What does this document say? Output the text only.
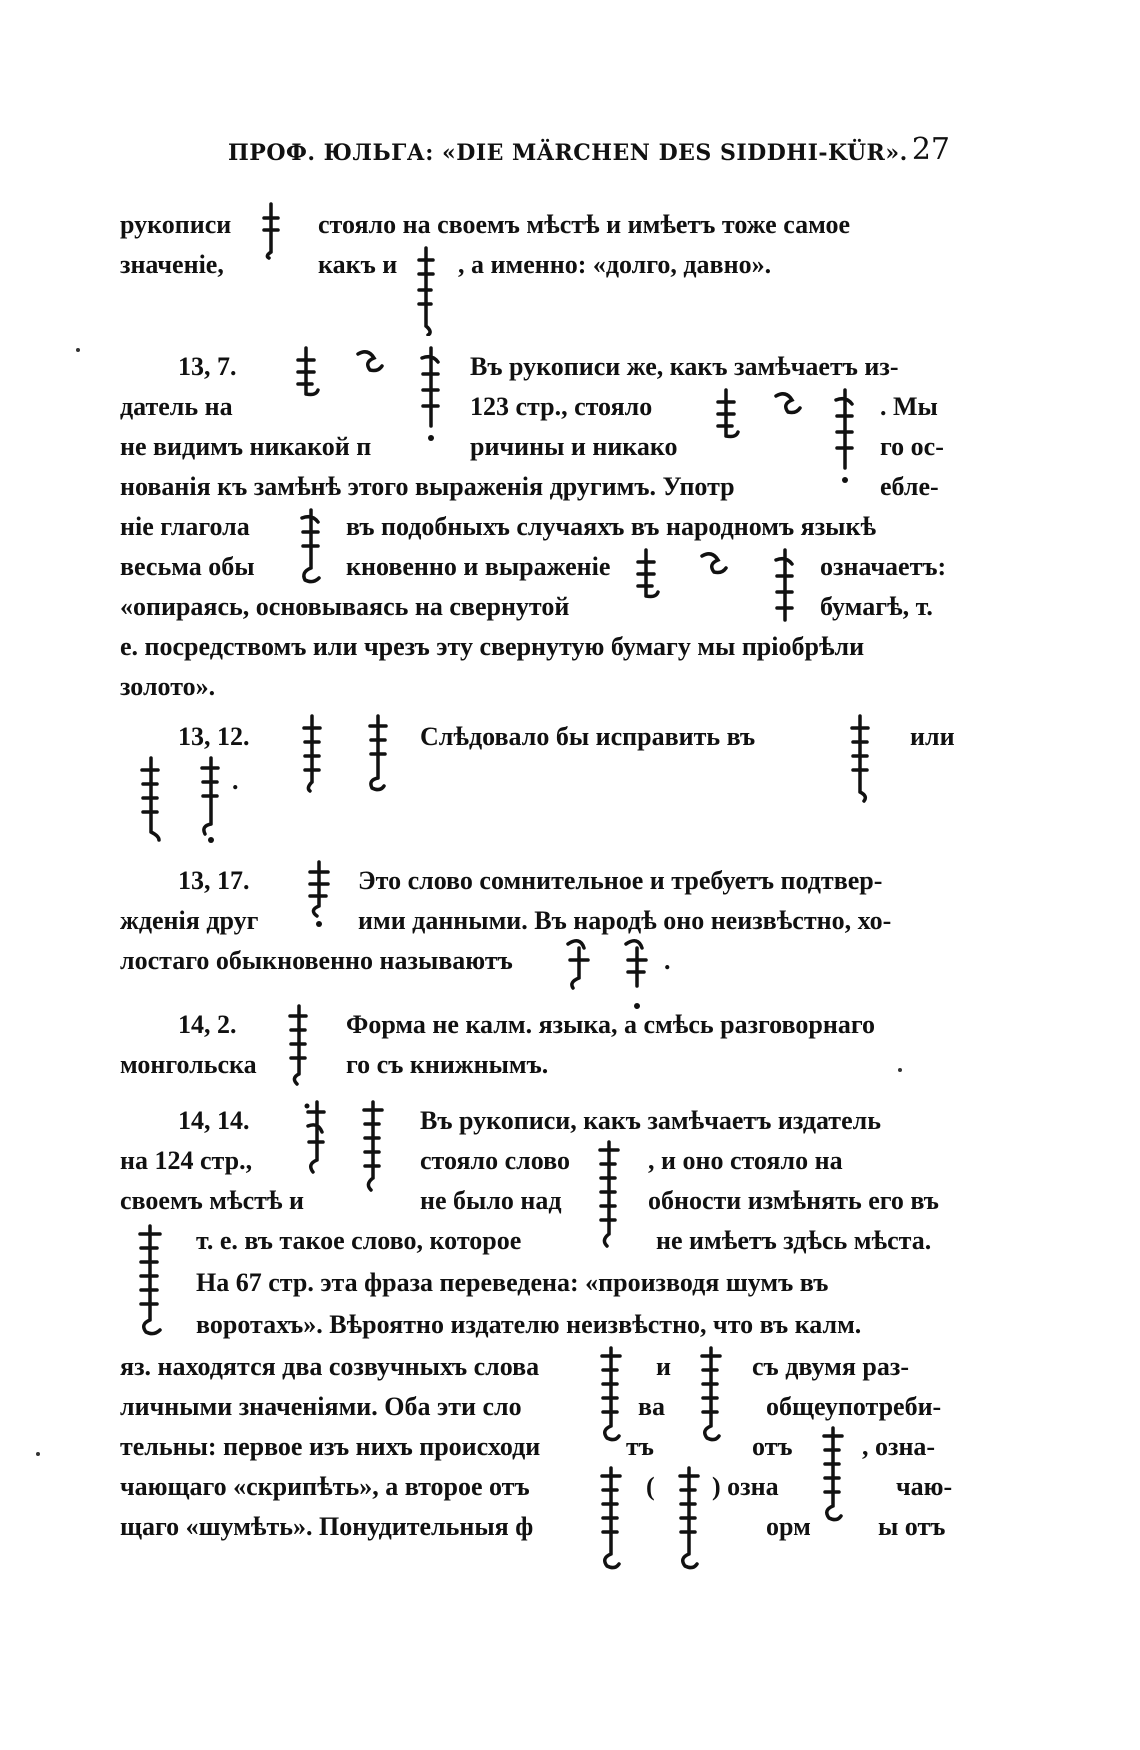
ПРОФ. ЮЛЬГА: «DIE MÄRCHEN DES SIDDHI-KÜR». 27
рукописи	стояло на своемъ мѣстѣ и имѣетъ тоже самое
значеніе,	какъ и , а именно: «долго, давно».
13, 7.	Въ рукописи же, какъ замѣчаетъ из-
датель на	123 стр., стояло	. Мы
не видимъ никакой п	ричины и никако	го ос-
нованія къ замѣнѣ этого выраженія другимъ. Употр	ебле-
ніе глагола	въ подобныхъ случаяхъ въ народномъ языкѣ
весьма обы	кновенно и выраженіе	означаетъ:
«опираясь, основываясь на свернутой	бумагѣ, т.
е. посредствомъ или чрезъ эту свернутую бумагу мы пріобрѣли
золото».
13, 12.	Слѣдовало бы исправить въ	или
.
13, 17.	Это слово сомнительное и требуетъ подтвер-
жденія друг	ими данными. Въ народѣ оно неизвѣстно, хо-
лостаго обыкновенно называютъ	.
14, 2.	Форма не калм. языка, а смѣсь разговорнаго
монгольска	го съ книжнымъ.
14, 14.	Въ рукописи, какъ замѣчаетъ издатель
на 124 стр.,	стояло слово	, и оно стояло на
своемъ мѣстѣ и	не было над	обности измѣнять его въ
т. е. въ такое слово, которое	не имѣетъ здѣсь мѣста.
На 67 стр. эта фраза переведена: «производя шумъ въ
воротахъ». Вѣроятно издателю неизвѣстно, что въ калм.
яз. находятся два созвучныхъ слова	и	съ двумя раз-
личными значеніями. Оба эти сло	ва	общеупотреби-
тельны: первое изъ нихъ происходи	тъ	отъ	, озна-
чающаго «скрипѣть», а второе отъ	( ) озна	чаю-
щаго «шумѣть». Понудительныя ф	орм	ы отъ
